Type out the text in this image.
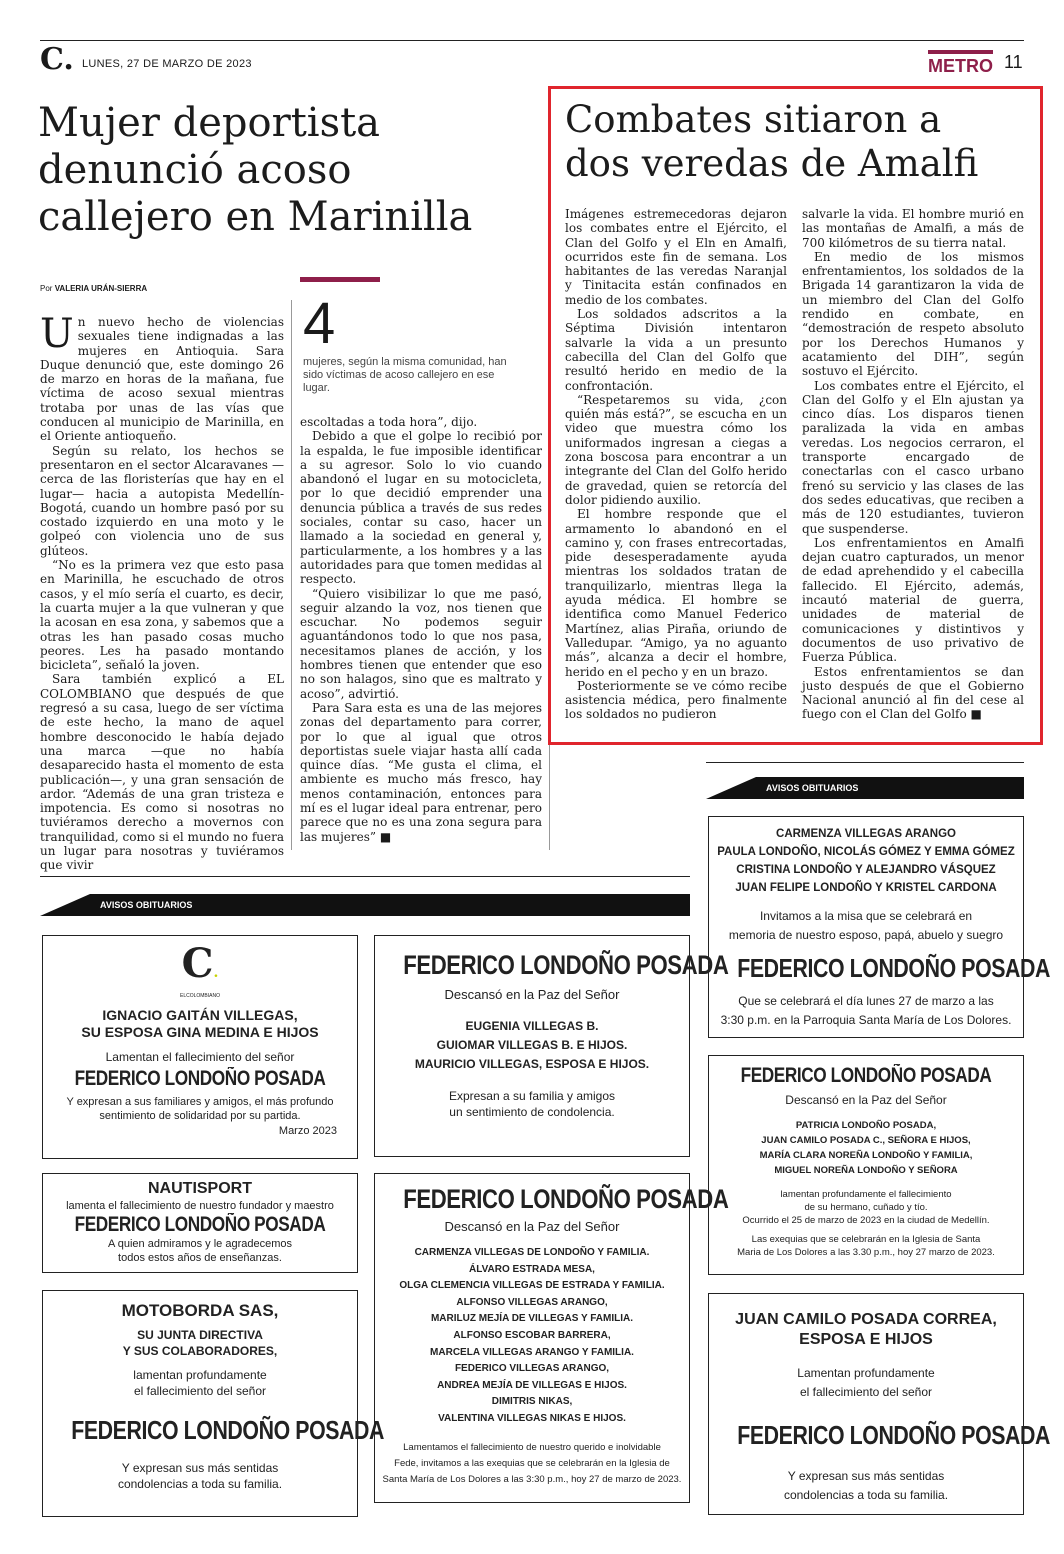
C. LUNES, 27 DE MARZO DE 2023	METRO 11
Mujer deportista
denunció acoso
callejero en Marinilla
Por VALERIA URÁN-SIERRA
4
mujeres, según la misma comunidad, han sido víctimas de acoso callejero en ese lugar.

Un nuevo hecho de violencias sexuales tiene indignadas a las mujeres en Antioquia. Sara Duque denunció que, este domingo 26 de marzo en horas de la mañana, fue víctima de acoso sexual mientras trotaba por unas de las vías que conducen al municipio de Marinilla, en el Oriente antioqueño.

Según su relato, los hechos se presentaron en el sector Alcaravanes —cerca de las floristerías que hay en el lugar— hacia a autopista Medellín-Bogotá, cuando un hombre pasó por su costado izquierdo en una moto y le golpeó con violencia uno de sus glúteos.

“No es la primera vez que esto pasa en Marinilla, he escuchado de otros casos, y el mío sería el cuarto, es decir, la cuarta mujer a la que vulneran y que la acosan en esa zona, y sabemos que a otras les han pasado cosas mucho peores. Les ha pasado montando bicicleta”, señaló la joven.

Sara también explicó a EL COLOMBIANO que después de que regresó a su casa, luego de ser víctima de este hecho, la mano de aquel hombre desconocido le había dejado una marca —que no había desaparecido hasta el momento de esta publicación—, y una gran sensación de ardor. “Además de una gran tristeza e impotencia. Es como si nosotras no tuviéramos derecho a movernos con tranquilidad, como si el mundo no fuera un lugar para nosotras y tuviéramos que vivir

escoltadas a toda hora”, dijo.

Debido a que el golpe lo recibió por la espalda, le fue imposible identificar a su agresor. Solo lo vio cuando abandonó el lugar en su motocicleta, por lo que decidió emprender una denuncia pública a través de sus redes sociales, contar su caso, hacer un llamado a la sociedad en general y, particularmente, a los hombres y a las autoridades para que tomen medidas al respecto.

“Quiero visibilizar lo que me pasó, seguir alzando la voz, nos tienen que escuchar. No podemos seguir aguantándonos todo lo que nos pasa, necesitamos planes de acción, y los hombres tienen que entender que eso no son halagos, sino que es maltrato y acoso”, advirtió.

Para Sara esta es una de las mejores zonas del departamento para correr, por lo que al igual que otros deportistas suele viajar hasta allí cada quince días. “Me gusta el clima, el ambiente es mucho más fresco, hay menos contaminación, entonces para mí es el lugar ideal para entrenar, pero parece que no es una zona segura para las mujeres” ■

Combates sitiaron a
dos veredas de Amalfi

Imágenes estremecedoras dejaron los combates entre el Ejército, el Clan del Golfo y el Eln en Amalfi, ocurridos este fin de semana. Los habitantes de las veredas Naranjal y Tinitacita están confinados en medio de los combates.

Los soldados adscritos a la Séptima División intentaron salvarle la vida a un presunto cabecilla del Clan del Golfo que resultó herido en medio de la confrontación.

“Respetaremos su vida, ¿con quién más está?”, se escucha en un video que muestra cómo los uniformados ingresan a ciegas a zona boscosa para encontrar a un integrante del Clan del Golfo herido de gravedad, quien se retorcía del dolor pidiendo auxilio.

El hombre responde que el armamento lo abandonó en el camino y, con frases entrecortadas, pide desesperadamente ayuda mientras los soldados tratan de tranquilizarlo, mientras llega la ayuda médica. El hombre se identifica como Manuel Federico Martínez, alias Piraña, oriundo de Valledupar. “Amigo, ya no aguanto más”, alcanza a decir el hombre, herido en el pecho y en un brazo.

Posteriormente se ve cómo recibe asistencia médica, pero finalmente los soldados no pudieron

salvarle la vida. El hombre murió en las montañas de Amalfi, a más de 700 kilómetros de su tierra natal.

En medio de los mismos enfrentamientos, los soldados de la Brigada 14 garantizaron la vida de un miembro del Clan del Golfo rendido en combate, en “demostración de respeto absoluto por los Derechos Humanos y acatamiento del DIH”, según sostuvo el Ejército.

Los combates entre el Ejército, el Clan del Golfo y el Eln ajustan ya cinco días. Los disparos tienen paralizada la vida en ambas veredas. Los negocios cerraron, el transporte encargado de conectarlas con el casco urbano frenó su servicio y las clases de las dos sedes educativas, que reciben a más de 120 estudiantes, tuvieron que suspenderse.

Los enfrentamientos en Amalfi dejan cuatro capturados, un menor de edad aprehendido y el cabecilla fallecido. El Ejército, además, incautó material de guerra, unidades de material de comunicaciones y distintivos y documentos de uso privativo de Fuerza Pública.

Estos enfrentamientos se dan justo después de que el Gobierno Nacional anunció al fin del cese al fuego con el Clan del Golfo ■

AVISOS OBITUARIOS
AVISOS OBITUARIOS
C.
ELCOLOMBIANO
IGNACIO GAITÁN VILLEGAS,
SU ESPOSA GINA MEDINA E HIJOS
Lamentan el fallecimiento del señor
FEDERICO LONDOÑO POSADA
Y expresan a sus familiares y amigos, el más profundo sentimiento de solidaridad por su partida.
Marzo 2023
NAUTISPORT
lamenta el fallecimiento de nuestro fundador y maestro
FEDERICO LONDOÑO POSADA
A quien admiramos y le agradecemos
todos estos años de enseñanzas.
MOTOBORDA SAS,
SU JUNTA DIRECTIVA
Y SUS COLABORADORES,
lamentan profundamente
el fallecimiento del señor
FEDERICO LONDOÑO POSADA
Y expresan sus más sentidas
condolencias a toda su familia.
FEDERICO LONDOÑO POSADA
Descansó en la Paz del Señor
EUGENIA VILLEGAS B.
GUIOMAR VILLEGAS B. E HIJOS.
MAURICIO VILLEGAS, ESPOSA E HIJOS.
Expresan a su familia y amigos
un sentimiento de condolencia.
FEDERICO LONDOÑO POSADA
Descansó en la Paz del Señor
CARMENZA VILLEGAS DE LONDOÑO Y FAMILIA.
ÁLVARO ESTRADA MESA,
OLGA CLEMENCIA VILLEGAS DE ESTRADA Y FAMILIA.
ALFONSO VILLEGAS ARANGO,
MARILUZ MEJÍA DE VILLEGAS Y FAMILIA.
ALFONSO ESCOBAR BARRERA,
MARCELA VILLEGAS ARANGO Y FAMILIA.
FEDERICO VILLEGAS ARANGO,
ANDREA MEJÍA DE VILLEGAS E HIJOS.
DIMITRIS NIKAS,
VALENTINA VILLEGAS NIKAS E HIJOS.
Lamentamos el fallecimiento de nuestro querido e inolvidable
Fede, invitamos a las exequias que se celebrarán en la Iglesia de
Santa María de Los Dolores a las 3:30 p.m., hoy 27 de marzo de 2023.
CARMENZA VILLEGAS ARANGO
PAULA LONDOÑO, NICOLÁS GÓMEZ Y EMMA GÓMEZ
CRISTINA LONDOÑO Y ALEJANDRO VÁSQUEZ
JUAN FELIPE LONDOÑO Y KRISTEL CARDONA
Invitamos a la misa que se celebrará en
memoria de nuestro esposo, papá, abuelo y suegro
FEDERICO LONDOÑO POSADA
Que se celebrará el día lunes 27 de marzo a las
3:30 p.m. en la Parroquia Santa María de Los Dolores.
FEDERICO LONDOÑO POSADA
Descansó en la Paz del Señor
PATRICIA LONDOÑO POSADA,
JUAN CAMILO POSADA C., SEÑORA E HIJOS,
MARÍA CLARA NOREÑA LONDOÑO Y FAMILIA,
MIGUEL NOREÑA LONDOÑO Y SEÑORA
lamentan profundamente el fallecimiento
de su hermano, cuñado y tío.
Ocurrido el 25 de marzo de 2023 en la ciudad de Medellín.
Las exequias que se celebrarán en la Iglesia de Santa
Maria de Los Dolores a las 3.30 p.m., hoy 27 marzo de 2023.
JUAN CAMILO POSADA CORREA,
ESPOSA E HIJOS
Lamentan profundamente
el fallecimiento del señor
FEDERICO LONDOÑO POSADA
Y expresan sus más sentidas
condolencias a toda su familia.
